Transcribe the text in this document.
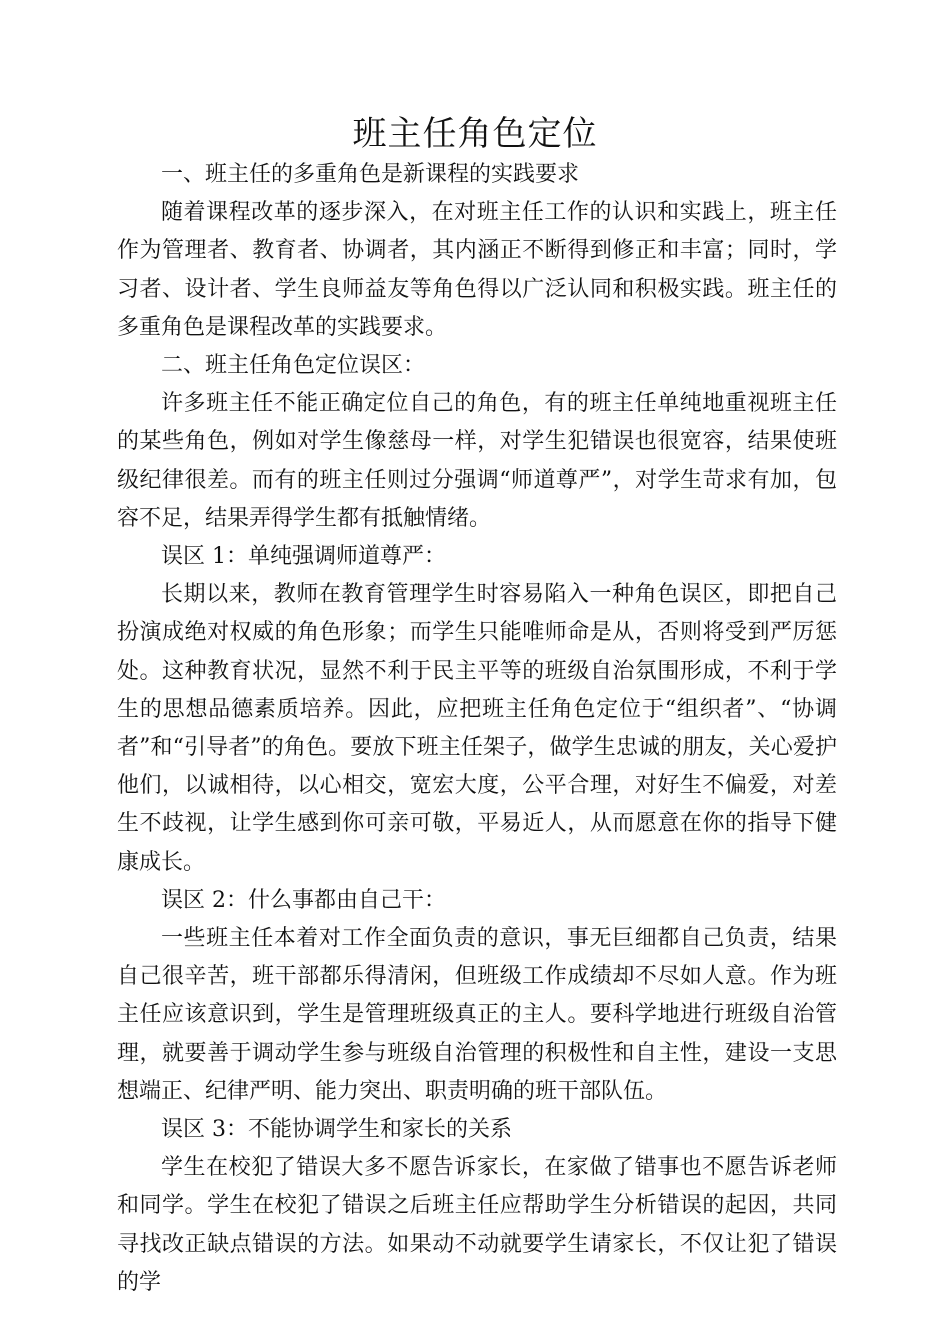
班主任角色定位

一、班主任的多重角色是新课程的实践要求

随着课程改革的逐步深入，在对班主任工作的认识和实践上，班主任作为管理者、教育者、协调者，其内涵正不断得到修正和丰富；同时，学习者、设计者、学生良师益友等角色得以广泛认同和积极实践。班主任的多重角色是课程改革的实践要求。

二、班主任角色定位误区：

许多班主任不能正确定位自己的角色，有的班主任单纯地重视班主任的某些角色，例如对学生像慈母一样，对学生犯错误也很宽容，结果使班级纪律很差。而有的班主任则过分强调“师道尊严”，对学生苛求有加，包容不足，结果弄得学生都有抵触情绪。

误区 1：单纯强调师道尊严：

长期以来，教师在教育管理学生时容易陷入一种角色误区，即把自己扮演成绝对权威的角色形象；而学生只能唯师命是从，否则将受到严厉惩处。这种教育状况，显然不利于民主平等的班级自治氛围形成，不利于学生的思想品德素质培养。因此，应把班主任角色定位于“组织者”、“协调者”和“引导者”的角色。要放下班主任架子，做学生忠诚的朋友，关心爱护他们，以诚相待，以心相交，宽宏大度，公平合理，对好生不偏爱，对差生不歧视，让学生感到你可亲可敬，平易近人，从而愿意在你的指导下健康成长。

误区 2：什么事都由自己干：

一些班主任本着对工作全面负责的意识，事无巨细都自己负责，结果自己很辛苦，班干部都乐得清闲，但班级工作成绩却不尽如人意。作为班主任应该意识到，学生是管理班级真正的主人。要科学地进行班级自治管理，就要善于调动学生参与班级自治管理的积极性和自主性，建设一支思想端正、纪律严明、能力突出、职责明确的班干部队伍。

误区 3：不能协调学生和家长的关系

学生在校犯了错误大多不愿告诉家长，在家做了错事也不愿告诉老师和同学。学生在校犯了错误之后班主任应帮助学生分析错误的起因，共同寻找改正缺点错误的方法。如果动不动就要学生请家长，不仅让犯了错误的学
